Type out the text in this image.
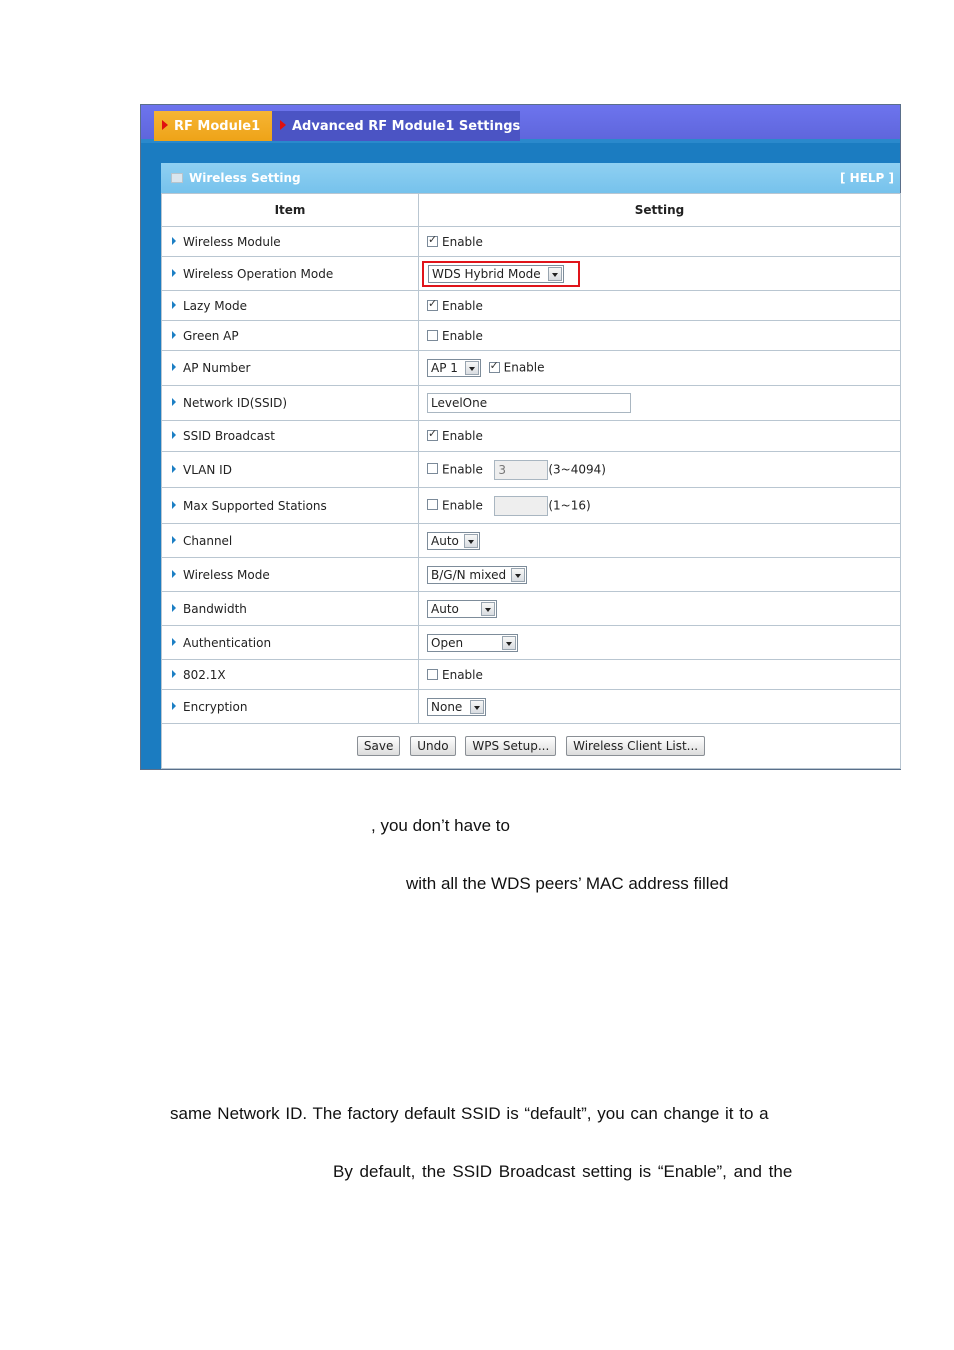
RF Module1	Advanced RF Module1 Settings
Wireless Setting	[ HELP ]
Item	Setting
Wireless Module	✓Enable
Wireless Operation Mode	WDS Hybrid Mode

Lazy Mode	✓Enable
Green AP	Enable
AP Number	AP 1 ✓ Enable
Network ID(SSID)	LevelOne
SSID Broadcast	✓Enable
VLAN ID	Enable 3 (3~4094)
Max Supported Stations	Enable (1~16)
Channel	Auto

Wireless Mode	B/G/N mixed

Bandwidth	Auto

Authentication	Open

802.1X	Enable
Encryption	None

Save Undo WPS Setup... Wireless Client List...	
, you don’t have to
with all the WDS peers’ MAC address filled
same Network ID. The factory default SSID is “default”, you can change it to a
By default, the SSID Broadcast setting is “Enable”, and the
